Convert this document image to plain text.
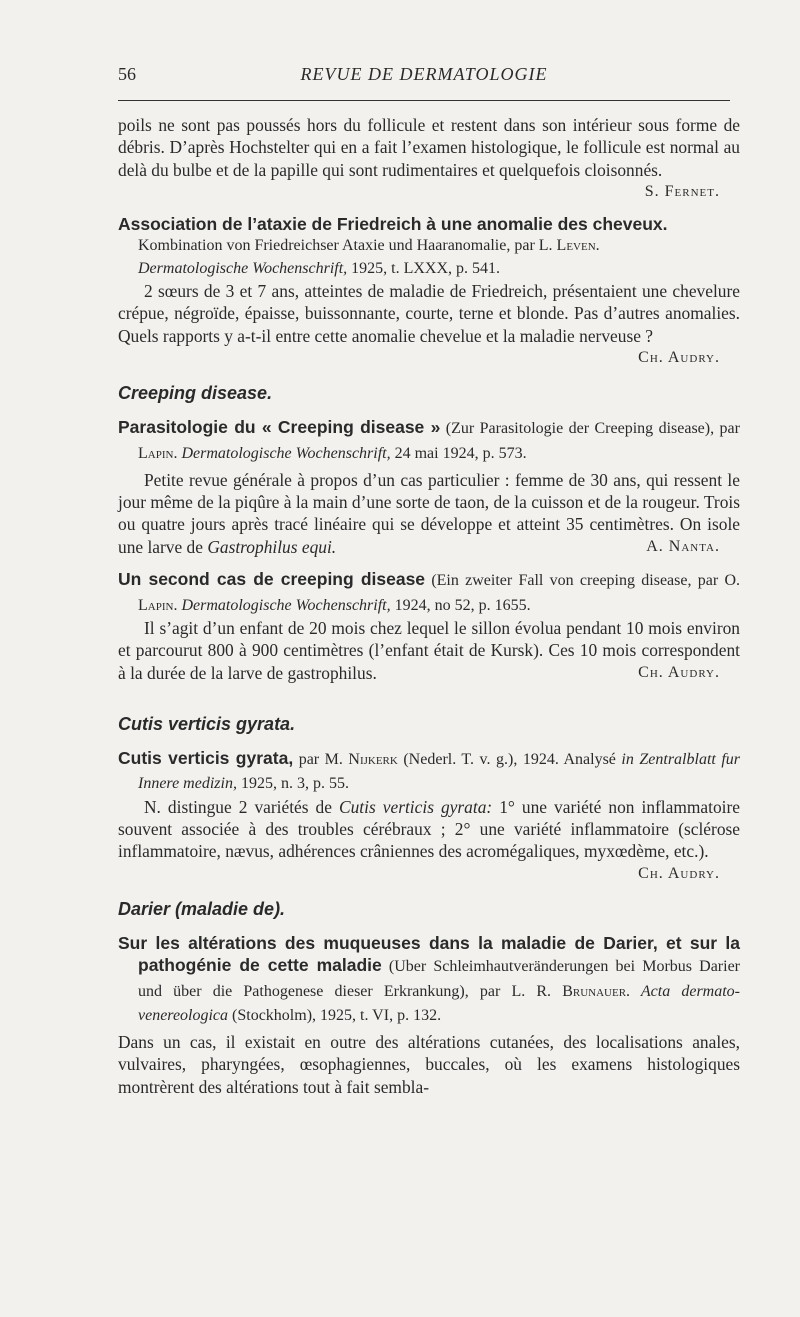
56	REVUE DE DERMATOLOGIE

poils ne sont pas poussés hors du follicule et restent dans son intérieur sous forme de débris. D’après Hochstelter qui en a fait l’examen histologique, le follicule est normal au delà du bulbe et de la papille qui sont rudimentaires et quelquefois cloisonnés.

S. Fernet.

Association de l’ataxie de Friedreich à une anomalie des cheveux.

Kombination von Friedreichser Ataxie und Haaranomalie, par L. Leven.
Dermatologische Wochenschrift, 1925, t. LXXX, p. 541.

2 sœurs de 3 et 7 ans, atteintes de maladie de Friedreich, présentaient une chevelure crépue, négroïde, épaisse, buissonnante, courte, terne et blonde. Pas d’autres anomalies. Quels rapports y a-t-il entre cette anomalie chevelue et la maladie nerveuse ?

Ch. Audry.

Creeping disease.

Parasitologie du « Creeping disease » (Zur Parasitologie der Creeping disease), par Lapin. Dermatologische Wochenschrift, 24 mai 1924, p. 573.

Petite revue générale à propos d’un cas particulier : femme de 30 ans, qui ressent le jour même de la piqûre à la main d’une sorte de taon, de la cuisson et de la rougeur. Trois ou quatre jours après tracé linéaire qui se développe et atteint 35 centimètres. On isole une larve de Gastrophilus equi.	A. Nanta.

Un second cas de creeping disease (Ein zweiter Fall von creeping disease, par O. Lapin. Dermatologische Wochenschrift, 1924, no 52, p. 1655.

Il s’agit d’un enfant de 20 mois chez lequel le sillon évolua pendant 10 mois environ et parcourut 800 à 900 centimètres (l’enfant était de Kursk). Ces 10 mois correspondent à la durée de la larve de gastrophilus.	Ch. Audry.

Cutis verticis gyrata.

Cutis verticis gyrata, par M. Nijkerk (Nederl. T. v. g.), 1924. Analysé in Zentralblatt fur Innere medizin, 1925, n. 3, p. 55.

N. distingue 2 variétés de Cutis verticis gyrata: 1° une variété non inflammatoire souvent associée à des troubles cérébraux ; 2° une variété inflammatoire (sclérose inflammatoire, nævus, adhérences crâniennes des acromégaliques, myxœdème, etc.).

Ch. Audry.

Darier (maladie de).

Sur les altérations des muqueuses dans la maladie de Darier, et sur la pathogénie de cette maladie (Uber Schleimhautveränderungen bei Morbus Darier und über die Pathogenese dieser Erkrankung), par L. R. Brunauer. Acta dermato-venereologica (Stockholm), 1925, t. VI, p. 132.

Dans un cas, il existait en outre des altérations cutanées, des localisations anales, vulvaires, pharyngées, œsophagiennes, buccales, où les examens histologiques montrèrent des altérations tout à fait sembla-
